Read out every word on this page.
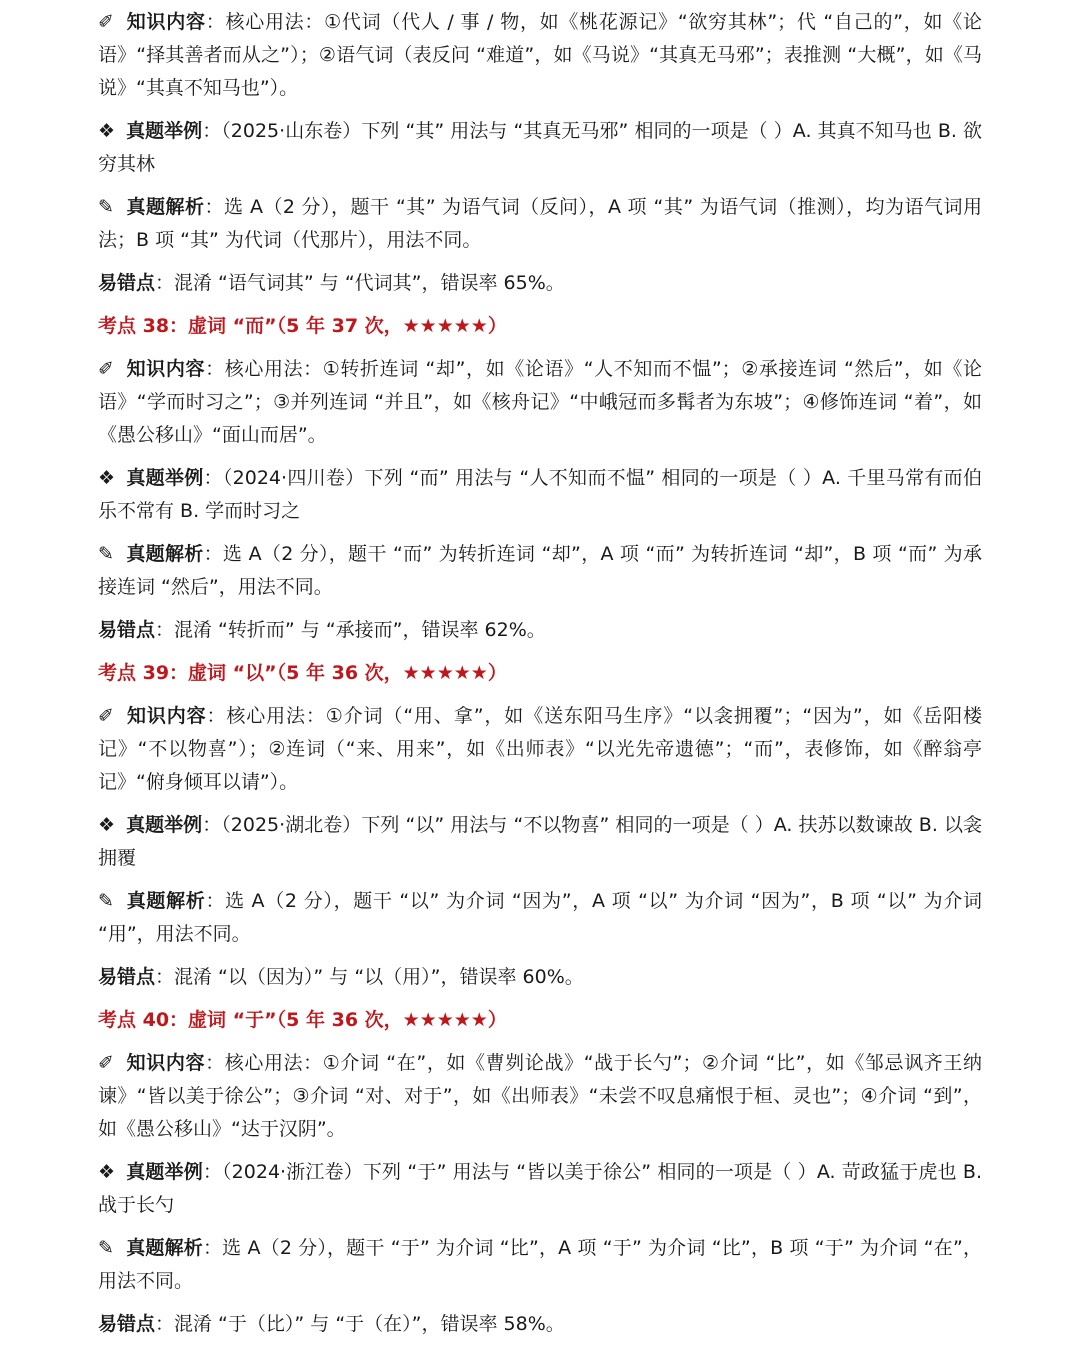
✐ 知识内容：核心用法：①代词（代人 / 事 / 物，如《桃花源记》“欲穷其林”；代 “自己的”，如《论语》“择其善者而从之”）；②语气词（表反问 “难道”，如《马说》“其真无马邪”；表推测 “大概”，如《马说》“其真不知马也”）。

❖ 真题举例：（2025·山东卷）下列 “其” 用法与 “其真无马邪” 相同的一项是（ ）A. 其真不知马也 B. 欲穷其林

✎ 真题解析：选 A（2 分），题干 “其” 为语气词（反问），A 项 “其” 为语气词（推测），均为语气词用法；B 项 “其” 为代词（代那片），用法不同。

易错点：混淆 “语气词其” 与 “代词其”，错误率 65%。

考点 38：虚词 “而”（5 年 37 次，★★★★★）

✐ 知识内容：核心用法：①转折连词 “却”，如《论语》“人不知而不愠”；②承接连词 “然后”，如《论语》“学而时习之”；③并列连词 “并且”，如《核舟记》“中峨冠而多髯者为东坡”；④修饰连词 “着”，如《愚公移山》“面山而居”。

❖ 真题举例：（2024·四川卷）下列 “而” 用法与 “人不知而不愠” 相同的一项是（ ）A. 千里马常有而伯乐不常有 B. 学而时习之

✎ 真题解析：选 A（2 分），题干 “而” 为转折连词 “却”，A 项 “而” 为转折连词 “却”，B 项 “而” 为承接连词 “然后”，用法不同。

易错点：混淆 “转折而” 与 “承接而”，错误率 62%。

考点 39：虚词 “以”（5 年 36 次，★★★★★）

✐ 知识内容：核心用法：①介词（“用、拿”，如《送东阳马生序》“以衾拥覆”；“因为”，如《岳阳楼记》“不以物喜”）；②连词（“来、用来”，如《出师表》“以光先帝遗德”；“而”，表修饰，如《醉翁亭记》“俯身倾耳以请”）。

❖ 真题举例：（2025·湖北卷）下列 “以” 用法与 “不以物喜” 相同的一项是（ ）A. 扶苏以数谏故 B. 以衾拥覆

✎ 真题解析：选 A（2 分），题干 “以” 为介词 “因为”，A 项 “以” 为介词 “因为”，B 项 “以” 为介词 “用”，用法不同。

易错点：混淆 “以（因为）” 与 “以（用）”，错误率 60%。

考点 40：虚词 “于”（5 年 36 次，★★★★★）

✐ 知识内容：核心用法：①介词 “在”，如《曹刿论战》“战于长勺”；②介词 “比”，如《邹忌讽齐王纳谏》“皆以美于徐公”；③介词 “对、对于”，如《出师表》“未尝不叹息痛恨于桓、灵也”；④介词 “到”，如《愚公移山》“达于汉阴”。

❖ 真题举例：（2024·浙江卷）下列 “于” 用法与 “皆以美于徐公” 相同的一项是（ ）A. 苛政猛于虎也 B. 战于长勺

✎ 真题解析：选 A（2 分），题干 “于” 为介词 “比”，A 项 “于” 为介词 “比”，B 项 “于” 为介词 “在”，用法不同。

易错点：混淆 “于（比）” 与 “于（在）”，错误率 58%。
